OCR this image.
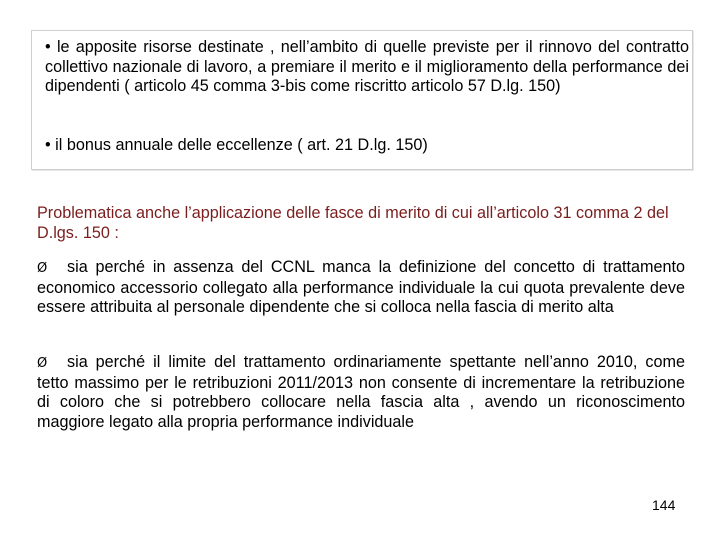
• le apposite risorse destinate , nell’ambito di quelle previste per il rinnovo del contratto collettivo nazionale di lavoro, a premiare il merito e il miglioramento della performance dei dipendenti ( articolo 45 comma 3-bis come riscritto articolo 57 D.lg. 150)

• il bonus annuale delle eccellenze ( art. 21 D.lg. 150)

Problematica anche l’applicazione delle fasce di merito di cui all’articolo 31 comma 2 del D.lgs. 150 :

Ø sia perché in assenza del CCNL manca la definizione del concetto di trattamento economico accessorio collegato alla performance individuale la cui quota prevalente deve essere attribuita al personale dipendente che si colloca nella fascia di merito alta

Ø sia perché il limite del trattamento ordinariamente spettante nell’anno 2010, come tetto massimo per le retribuzioni 2011/2013 non consente di incrementare la retribuzione di coloro che si potrebbero collocare nella fascia alta , avendo un riconoscimento maggiore legato alla propria performance individuale

144
